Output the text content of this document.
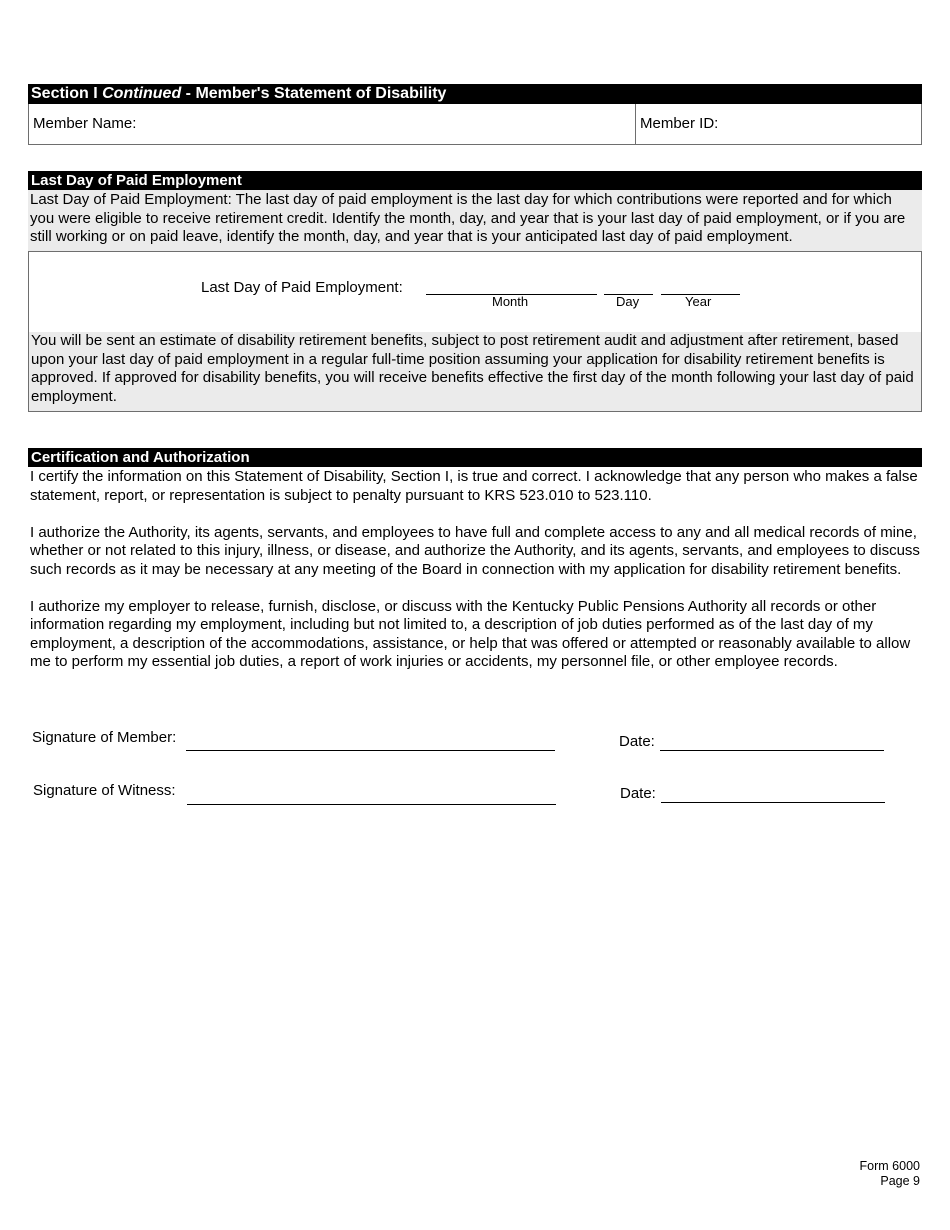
Section I Continued - Member's Statement of Disability
Member Name:	Member ID:
Last Day of Paid Employment

Last Day of Paid Employment: The last day of paid employment is the last day for which contributions were reported and for which you were eligible to receive retirement credit. Identify the month, day, and year that is your last day of paid employment, or if you are still working or on paid leave, identify the month, day, and year that is your anticipated last day of paid employment.

Last Day of Paid Employment:
Month	Day	Year

You will be sent an estimate of disability retirement benefits, subject to post retirement audit and adjustment after retirement, based upon your last day of paid employment in a regular full-time position assuming your application for disability retirement benefits is approved. If approved for disability benefits, you will receive benefits effective the first day of the month following your last day of paid employment.

Certification and Authorization

I certify the information on this Statement of Disability, Section I, is true and correct. I acknowledge that any person who makes a false statement, report, or representation is subject to penalty pursuant to KRS 523.010 to 523.110.

I authorize the Authority, its agents, servants, and employees to have full and complete access to any and all medical records of mine, whether or not related to this injury, illness, or disease, and authorize the Authority, and its agents, servants, and employees to discuss such records as it may be necessary at any meeting of the Board in connection with my application for disability retirement benefits.

I authorize my employer to release, furnish, disclose, or discuss with the Kentucky Public Pensions Authority all records or other information regarding my employment, including but not limited to, a description of job duties performed as of the last day of my employment, a description of the accommodations, assistance, or help that was offered or attempted or reasonably available to allow me to perform my essential job duties, a report of work injuries or accidents, my personnel file, or other employee records.

Signature of Member:	Date:
Signature of Witness:	Date:
Form 6000
Page 9
